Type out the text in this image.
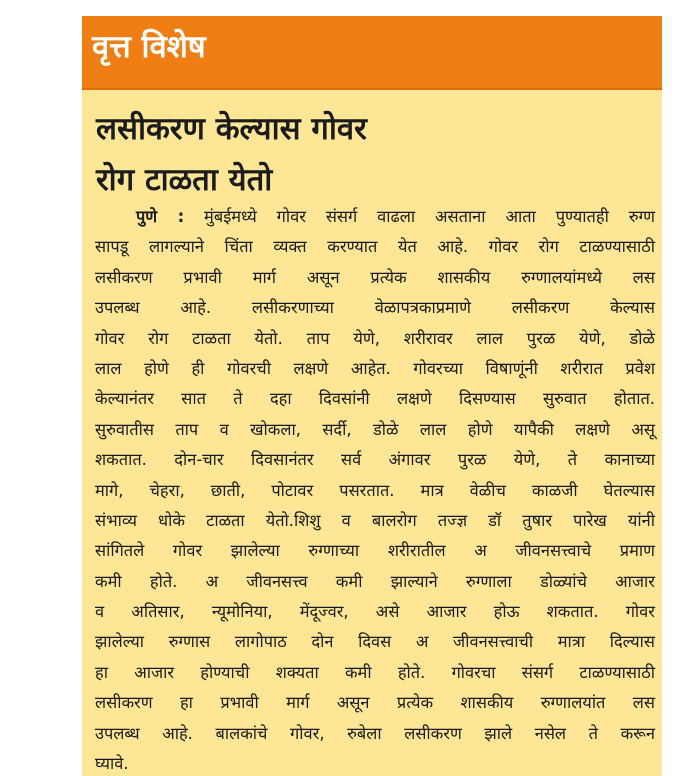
वृत्त विशेष
लसीकरण केल्यास गोवर
रोग टाळता येतो
पुणे : मुंबईमध्ये गोवर संसर्ग वाढला असताना आता पुण्यातही रुग्ण
सापडू लागल्याने चिंता व्यक्त करण्यात येत आहे. गोवर रोग टाळण्यासाठी
लसीकरण प्रभावी मार्ग असून प्रत्येक शासकीय रुग्णालयांमध्ये लस
उपलब्ध आहे. लसीकरणाच्या वेळापत्रकाप्रमाणे लसीकरण केल्यास
गोवर रोग टाळता येतो. ताप येणे, शरीरावर लाल पुरळ येणे, डोळे
लाल होणे ही गोवरची लक्षणे आहेत. गोवरच्या विषाणूंनी शरीरात प्रवेश
केल्यानंतर सात ते दहा दिवसांनी लक्षणे दिसण्यास सुरुवात होतात.
सुरुवातीस ताप व खोकला, सर्दी, डोळे लाल होणे यापैकी लक्षणे असू
शकतात. दोन-चार दिवसानंतर सर्व अंगावर पुरळ येणे, ते कानाच्या
मागे, चेहरा, छाती, पोटावर पसरतात. मात्र वेळीच काळजी घेतल्यास
संभाव्य धोके टाळता येतो.शिशु व बालरोग तज्ज्ञ डॉ तुषार पारेख यांनी
सांगितले गोवर झालेल्या रुग्णाच्या शरीरातील अ जीवनसत्त्वाचे प्रमाण
कमी होते. अ जीवनसत्त्व कमी झाल्याने रुग्णाला डोळ्यांचे आजार
व अतिसार, न्यूमोनिया, मेंदूज्वर, असे आजार होऊ शकतात. गोवर
झालेल्या रुग्णास लागोपाठ दोन दिवस अ जीवनसत्त्वाची मात्रा दिल्यास
हा आजार होण्याची शक्यता कमी होते. गोवरचा संसर्ग टाळण्यासाठी
लसीकरण हा प्रभावी मार्ग असून प्रत्येक शासकीय रुग्णालयांत लस
उपलब्ध आहे. बालकांचे गोवर, रुबेला लसीकरण झाले नसेल ते करून
घ्यावे.
